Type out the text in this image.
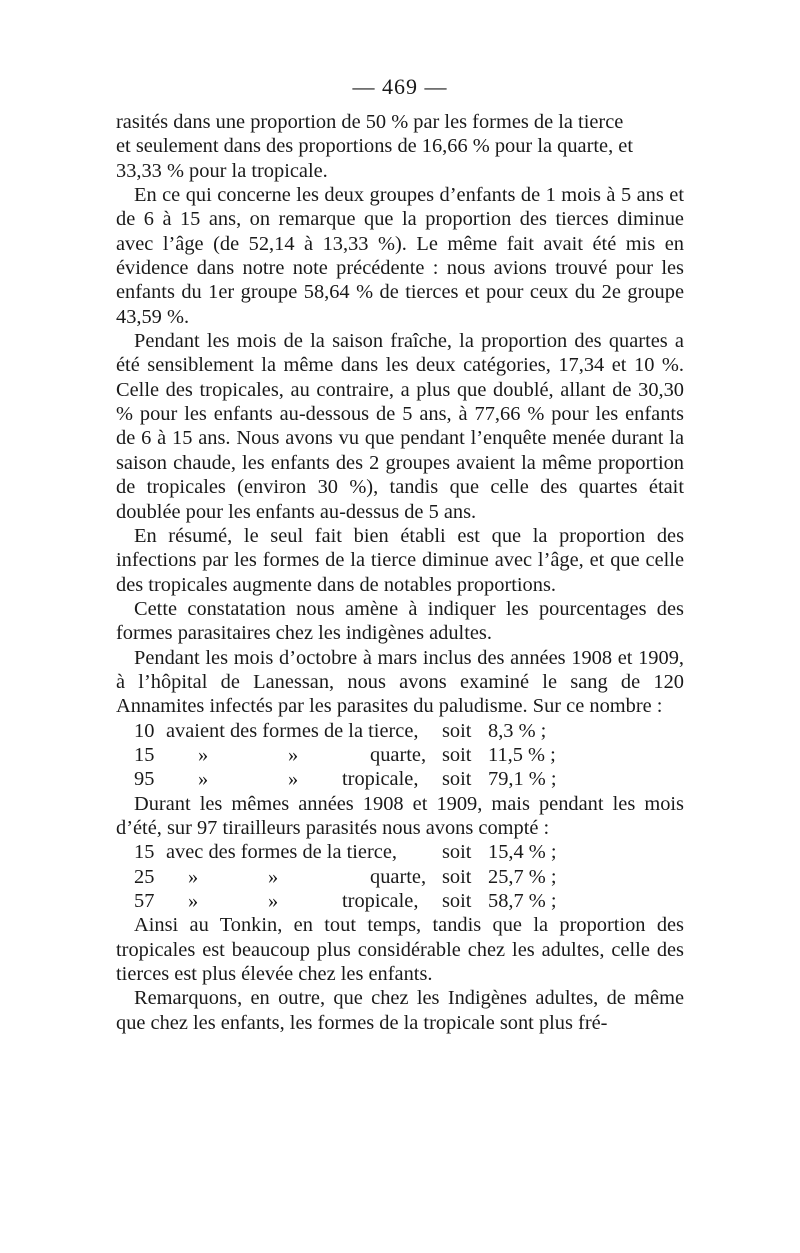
— 469 —

rasités dans une proportion de 50 % par les formes de la tierce

et seulement dans des proportions de 16,66 % pour la quarte, et

33,33 % pour la tropicale.

En ce qui concerne les deux groupes d’enfants de 1 mois à 5 ans et de 6 à 15 ans, on remarque que la proportion des tierces diminue avec l’âge (de 52,14 à 13,33 %). Le même fait avait été mis en évidence dans notre note précédente : nous avions trouvé pour les enfants du 1er groupe 58,64 % de tierces et pour ceux du 2e groupe 43,59 %.

Pendant les mois de la saison fraîche, la proportion des quartes a été sensiblement la même dans les deux catégories, 17,34 et 10 %. Celle des tropicales, au contraire, a plus que doublé, allant de 30,30 % pour les enfants au-dessous de 5 ans, à 77,66 % pour les enfants de 6 à 15 ans. Nous avons vu que pendant l’enquête menée durant la saison chaude, les enfants des 2 groupes avaient la même proportion de tropicales (environ 30 %), tandis que celle des quartes était doublée pour les enfants au-dessus de 5 ans.

En résumé, le seul fait bien établi est que la proportion des infections par les formes de la tierce diminue avec l’âge, et que celle des tropicales augmente dans de notables proportions.

Cette constatation nous amène à indiquer les pourcentages des formes parasitaires chez les indigènes adultes.

Pendant les mois d’octobre à mars inclus des années 1908 et 1909, à l’hôpital de Lanessan, nous avons examiné le sang de 120 Annamites infectés par les parasites du paludisme. Sur ce nombre :

10 avaient des formes de la tierce, soit 8,3 % ;
15 »	»	quarte, soit 11,5 % ;
95 »	» tropicale, soit 79,1 % ;

Durant les mêmes années 1908 et 1909, mais pendant les mois d’été, sur 97 tirailleurs parasités nous avons compté :

15 avec des formes de la tierce, soit 15,4 % ;
25 »	»	quarte, soit 25,7 % ;
57 »	»	tropicale, soit 58,7 % ;

Ainsi au Tonkin, en tout temps, tandis que la proportion des tropicales est beaucoup plus considérable chez les adultes, celle des tierces est plus élevée chez les enfants.

Remarquons, en outre, que chez les Indigènes adultes, de même que chez les enfants, les formes de la tropicale sont plus fré-
